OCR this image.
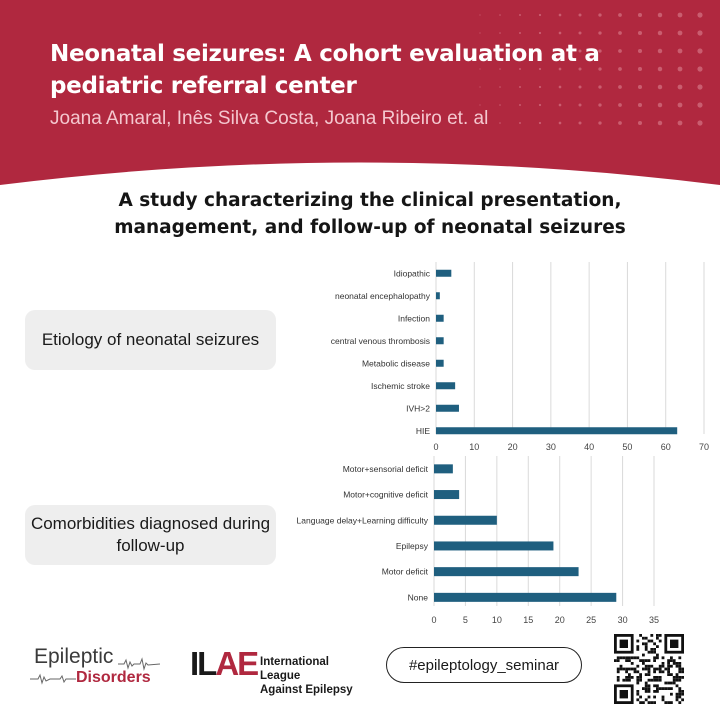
Neonatal seizures: A cohort evaluation at a pediatric referral center
Joana Amaral, Inês Silva Costa, Joana Ribeiro et. al
A study characterizing the clinical presentation, management, and follow-up of neonatal seizures
Etiology of neonatal seizures
Comorbidities diagnosed during follow-up
0	10	20	30	40	50	60	70
Idiopathic
neonatal encephalopathy
Infection
central venous thrombosis
Metabolic disease
Ischemic stroke
IVH>2
HIE
0	5	10 15 20 25 30 35
Motor+sensorial deficit
Motor+cognitive deficit
Language delay+Learning difficulty
Epilepsy
Motor deficit
None
Epileptic
Disorders ILAE International League
Against Epilepsy
#epileptology_seminar
